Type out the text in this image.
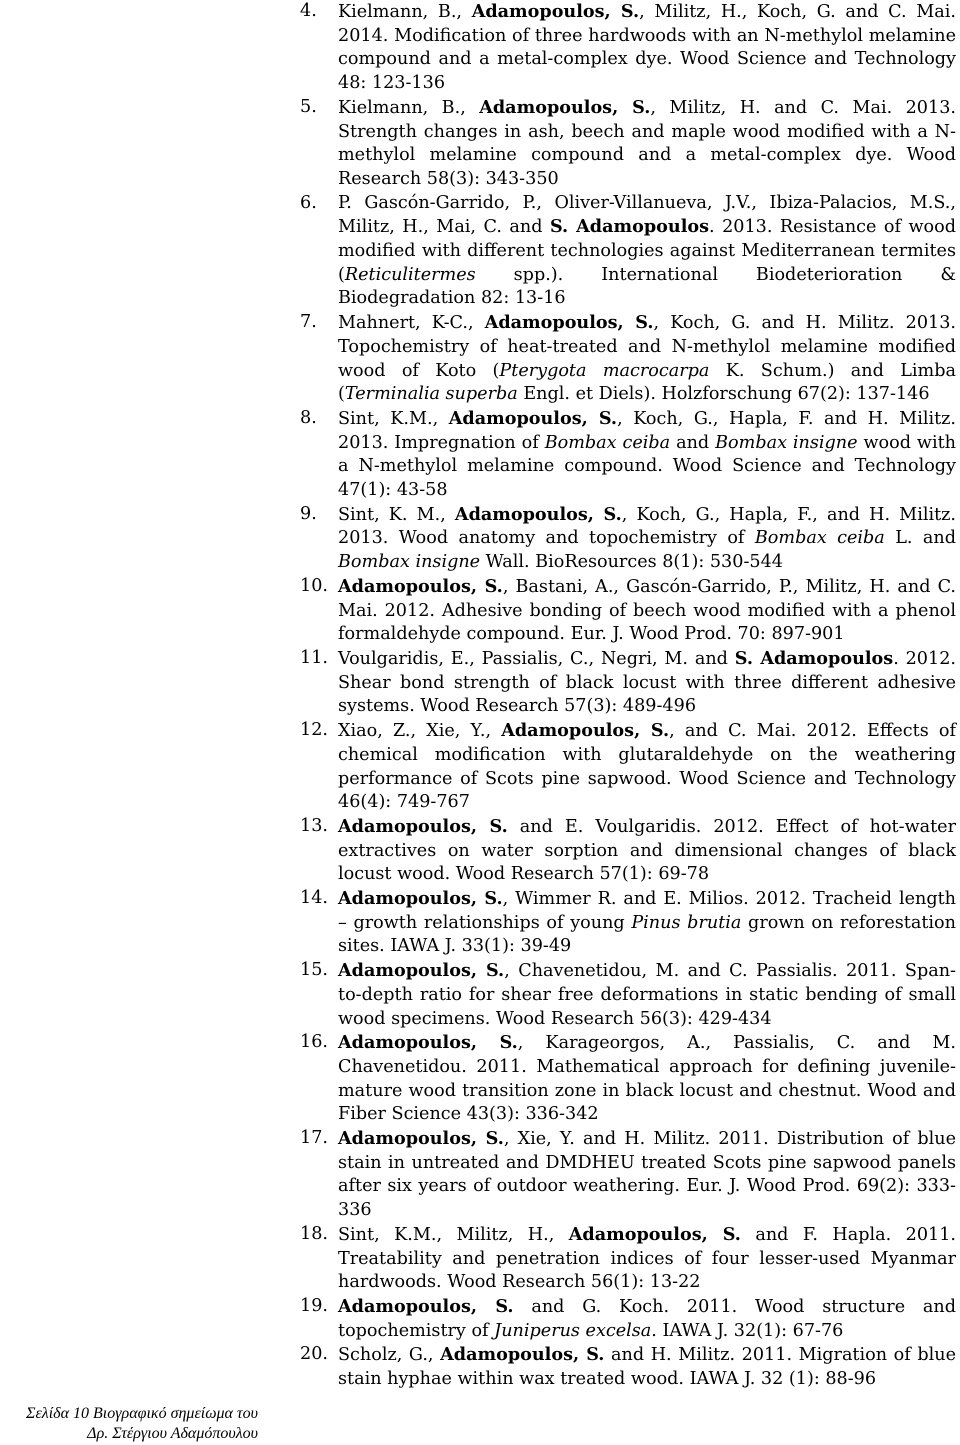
4.	Kielmann, B., Adamopoulos, S., Militz, H., Koch, G. and C. Mai. 2014. Modification of three hardwoods with an N-methylol melamine compound and a metal-complex dye. Wood Science and Technology 48: 123-136
5.	Kielmann, B., Adamopoulos, S., Militz, H. and C. Mai. 2013. Strength changes in ash, beech and maple wood modified with a N-methylol melamine compound and a metal-complex dye. Wood Research 58(3): 343-350
6.	P. Gascón-Garrido, P., Oliver-Villanueva, J.V., Ibiza-Palacios, M.S., Militz, H., Mai, C. and S. Adamopoulos. 2013. Resistance of wood modified with different technologies against Mediterranean termites (Reticulitermes spp.). International Biodeterioration & Biodegradation 82: 13-16
7.	Mahnert, K-C., Adamopoulos, S., Koch, G. and H. Militz. 2013. Topochemistry of heat-treated and N-methylol melamine modified wood of Koto (Pterygota macrocarpa K. Schum.) and Limba (Terminalia superba Engl. et Diels). Holzforschung 67(2): 137-146
8.	Sint, K.M., Adamopoulos, S., Koch, G., Hapla, F. and H. Militz. 2013. Impregnation of Bombax ceiba and Bombax insigne wood with a N-methylol melamine compound. Wood Science and Technology 47(1): 43-58
9.	Sint, K. M., Adamopoulos, S., Koch, G., Hapla, F., and H. Militz. 2013. Wood anatomy and topochemistry of Bombax ceiba L. and Bombax insigne Wall. BioResources 8(1): 530-544
10. Adamopoulos, S., Bastani, A., Gascón-Garrido, P., Militz, H. and C. Mai. 2012. Adhesive bonding of beech wood modified with a phenol formaldehyde compound. Eur. J. Wood Prod. 70: 897-901
11. Voulgaridis, E., Passialis, C., Negri, M. and S. Adamopoulos. 2012. Shear bond strength of black locust with three different adhesive systems. Wood Research 57(3): 489-496
12. Xiao, Z., Xie, Y., Adamopoulos, S., and C. Mai. 2012. Effects of chemical modification with glutaraldehyde on the weathering performance of Scots pine sapwood. Wood Science and Technology 46(4): 749-767
13. Adamopoulos, S. and E. Voulgaridis. 2012. Effect of hot-water extractives on water sorption and dimensional changes of black locust wood. Wood Research 57(1): 69-78
14. Adamopoulos, S., Wimmer R. and E. Milios. 2012. Tracheid length – growth relationships of young Pinus brutia grown on reforestation sites. IAWA J. 33(1): 39-49
15. Adamopoulos, S., Chavenetidou, M. and C. Passialis. 2011. Span-to-depth ratio for shear free deformations in static bending of small wood specimens. Wood Research 56(3): 429-434
16. Adamopoulos, S., Karageorgos, A., Passialis, C. and M. Chavenetidou. 2011. Mathematical approach for defining juvenile-mature wood transition zone in black locust and chestnut. Wood and Fiber Science 43(3): 336-342
17. Adamopoulos, S., Xie, Y. and H. Militz. 2011. Distribution of blue stain in untreated and DMDHEU treated Scots pine sapwood panels after six years of outdoor weathering. Eur. J. Wood Prod. 69(2): 333-336
18. Sint, K.M., Militz, H., Adamopoulos, S. and F. Hapla. 2011. Treatability and penetration indices of four lesser-used Myanmar hardwoods. Wood Research 56(1): 13-22
19. Adamopoulos, S. and G. Koch. 2011. Wood structure and topochemistry of Juniperus excelsa. IAWA J. 32(1): 67-76
20. Scholz, G., Adamopoulos, S. and H. Militz. 2011. Migration of blue stain hyphae within wax treated wood. IAWA J. 32 (1): 88-96
Σελίδα 10 Βιογραφικό σημείωμα του
Δρ. Στέργιου Αδαμόπουλου
